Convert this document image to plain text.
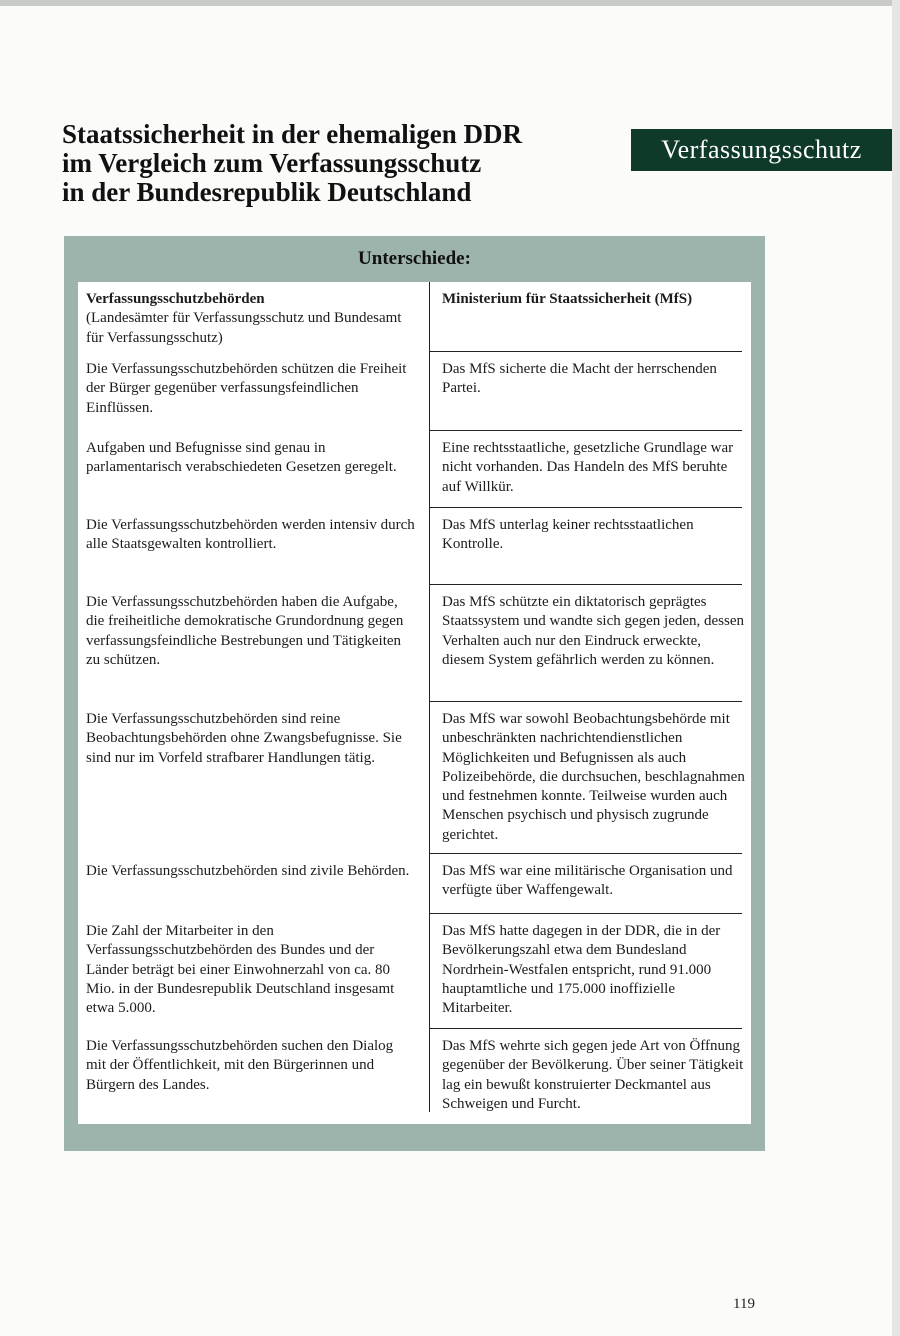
Staatssicherheit in der ehemaligen DDR
im Vergleich zum Verfassungsschutz
in der Bundesrepublik Deutschland
Verfassungsschutz
Unterschiede:
Verfassungsschutzbehörden
(Landesämter für Verfassungsschutz und Bundesamt für Verfassungsschutz)
Ministerium für Staatssicherheit (MfS)
Die Verfassungsschutzbehörden schützen die Freiheit der Bürger gegenüber verfassungsfeindlichen Einflüssen.
Das MfS sicherte die Macht der herrschenden Partei.
Aufgaben und Befugnisse sind genau in parlamentarisch verabschiedeten Gesetzen geregelt.
Eine rechtsstaatliche, gesetzliche Grundlage war nicht vorhanden. Das Handeln des MfS beruhte auf Willkür.
Die Verfassungsschutzbehörden werden intensiv durch alle Staatsgewalten kontrolliert.
Das MfS unterlag keiner rechtsstaatlichen Kontrolle.
Die Verfassungsschutzbehörden haben die Aufgabe, die freiheitliche demokratische Grundordnung gegen verfassungsfeindliche Bestrebungen und Tätigkeiten zu schützen.
Das MfS schützte ein diktatorisch geprägtes Staatssystem und wandte sich gegen jeden, dessen Verhalten auch nur den Eindruck erweckte, diesem System gefährlich werden zu können.
Die Verfassungsschutzbehörden sind reine Beobachtungsbehörden ohne Zwangsbefugnisse. Sie sind nur im Vorfeld strafbarer Handlungen tätig.
Das MfS war sowohl Beobachtungsbehörde mit unbeschränkten nachrichtendienstlichen Möglichkeiten und Befugnissen als auch Polizeibehörde, die durchsuchen, beschlagnahmen und festnehmen konnte. Teilweise wurden auch Menschen psychisch und physisch zugrunde gerichtet.
Die Verfassungsschutzbehörden sind zivile Behörden.	Das MfS war eine militärische Organisation und verfügte über Waffengewalt.
Die Zahl der Mitarbeiter in den Verfassungsschutzbehörden des Bundes und der Länder beträgt bei einer Einwohnerzahl von ca. 80 Mio. in der Bundesrepublik Deutschland insgesamt etwa 5.000.
Das MfS hatte dagegen in der DDR, die in der Bevölkerungszahl etwa dem Bundesland Nordrhein-Westfalen entspricht, rund 91.000 hauptamtliche und 175.000 inoffizielle Mitarbeiter.
Die Verfassungsschutzbehörden suchen den Dialog mit der Öffentlichkeit, mit den Bürgerinnen und Bürgern des Landes.
Das MfS wehrte sich gegen jede Art von Öffnung gegenüber der Bevölkerung. Über seiner Tätigkeit lag ein bewußt konstruierter Deckmantel aus Schweigen und Furcht.
119
